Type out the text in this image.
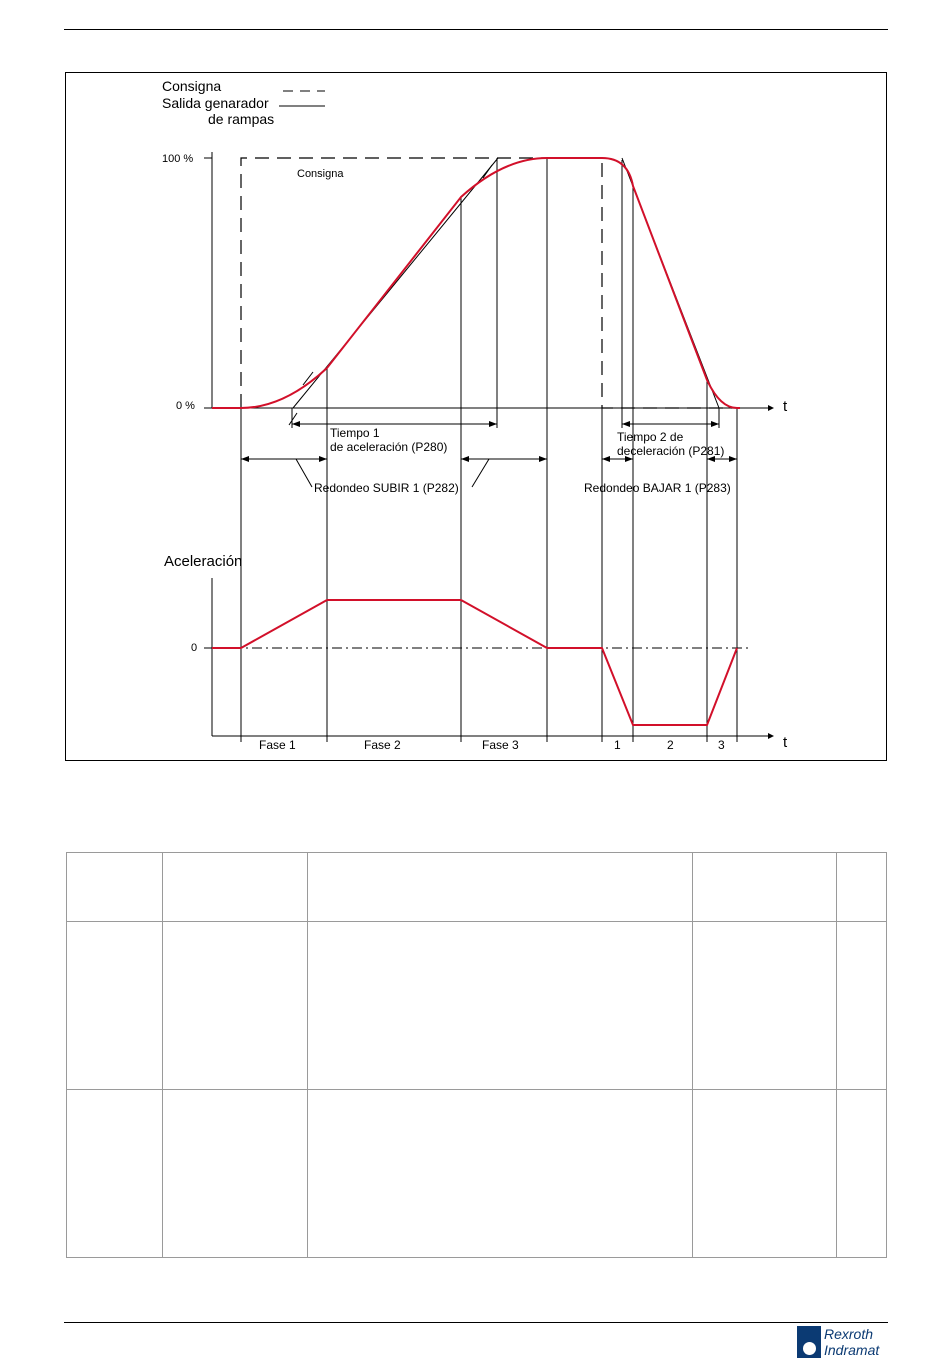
Consigna
Salida genarador
de rampas
100 %
0 %	t
Consigna
Tiempo 1
de aceleración (P280)
Tiempo 2 de
deceleración (P281)
Redondeo SUBIR 1 (P282)	Redondeo BAJAR 1 (P283)
Aceleración
0
t
Fase 1	Fase 2	Fase 3	1	2	3

Rexroth
Indramat
